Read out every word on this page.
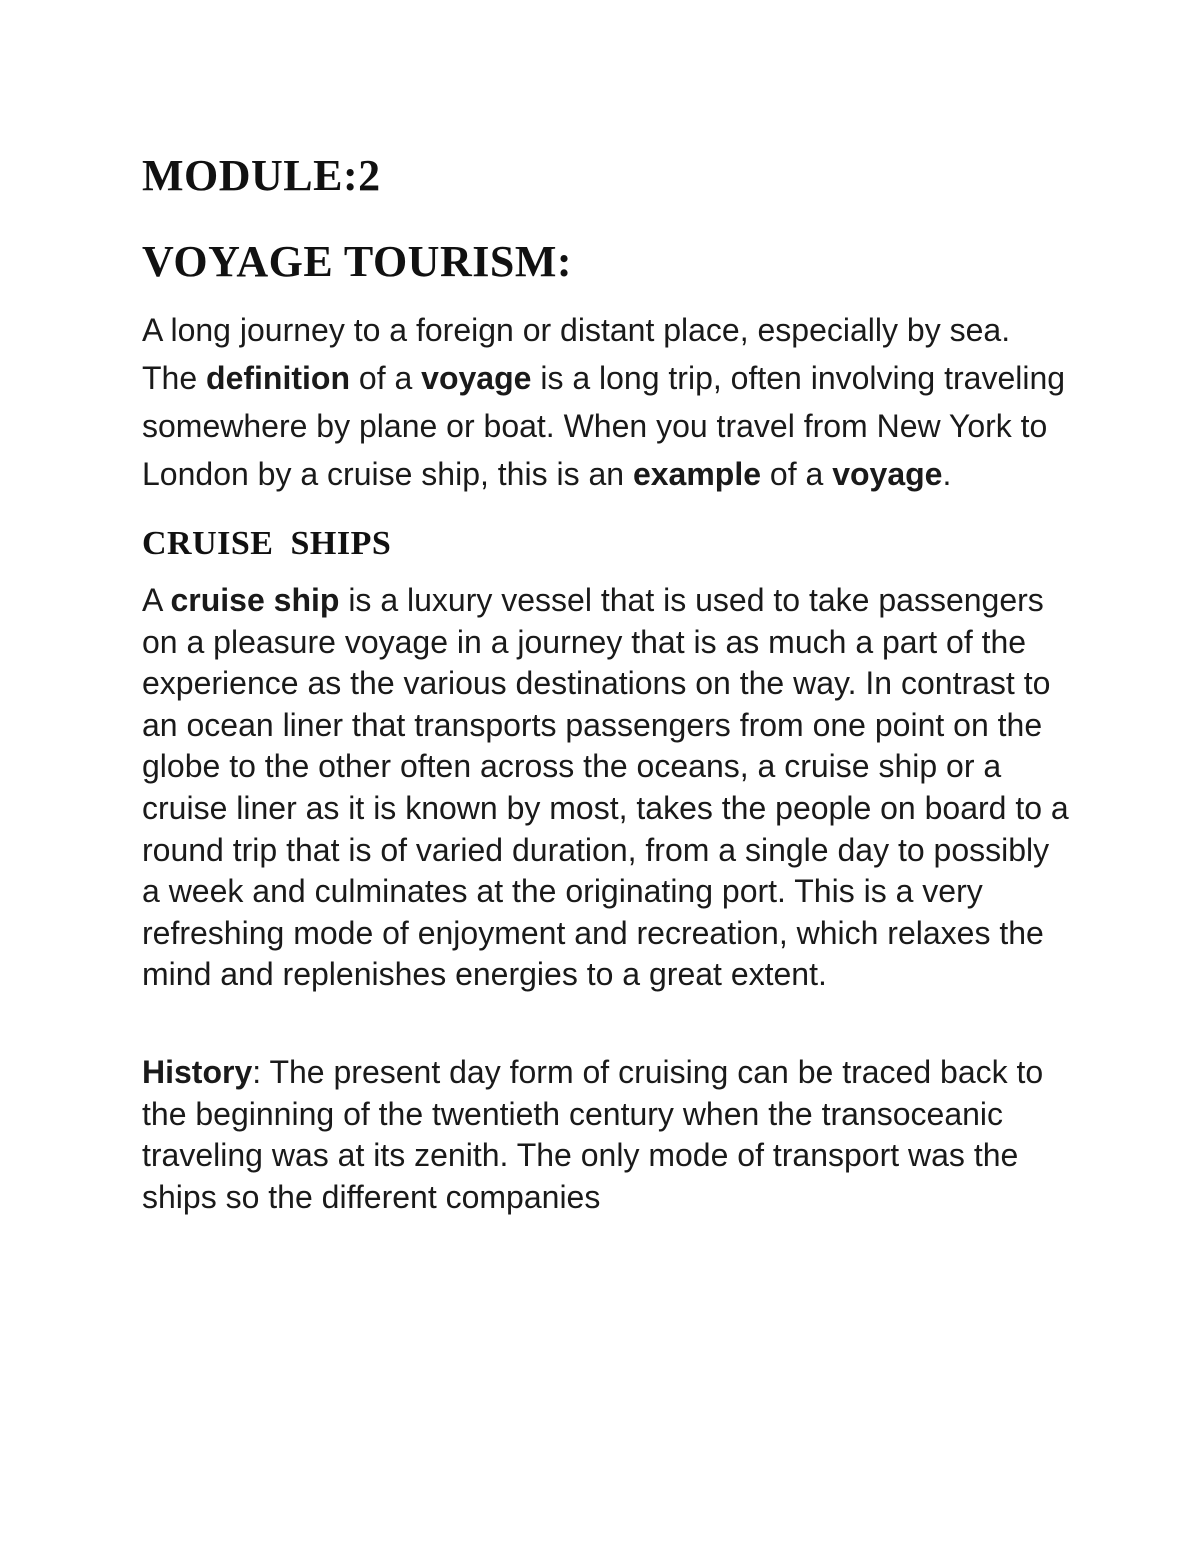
MODULE:2
VOYAGE TOURISM:

A long journey to a foreign or distant place, especially by sea. The definition of a voyage is a long trip, often involving traveling somewhere by plane or boat. When you travel from New York to London by a cruise ship, this is an example of a voyage.

CRUISE SHIPS

A cruise ship is a luxury vessel that is used to take passengers on a pleasure voyage in a journey that is as much a part of the experience as the various destinations on the way. In contrast to an ocean liner that transports passengers from one point on the globe to the other often across the oceans, a cruise ship or a cruise liner as it is known by most, takes the people on board to a round trip that is of varied duration, from a single day to possibly a week and culminates at the originating port. This is a very refreshing mode of enjoyment and recreation, which relaxes the mind and replenishes energies to a great extent.

History: The present day form of cruising can be traced back to the beginning of the twentieth century when the transoceanic traveling was at its zenith. The only mode of transport was the ships so the different companies
